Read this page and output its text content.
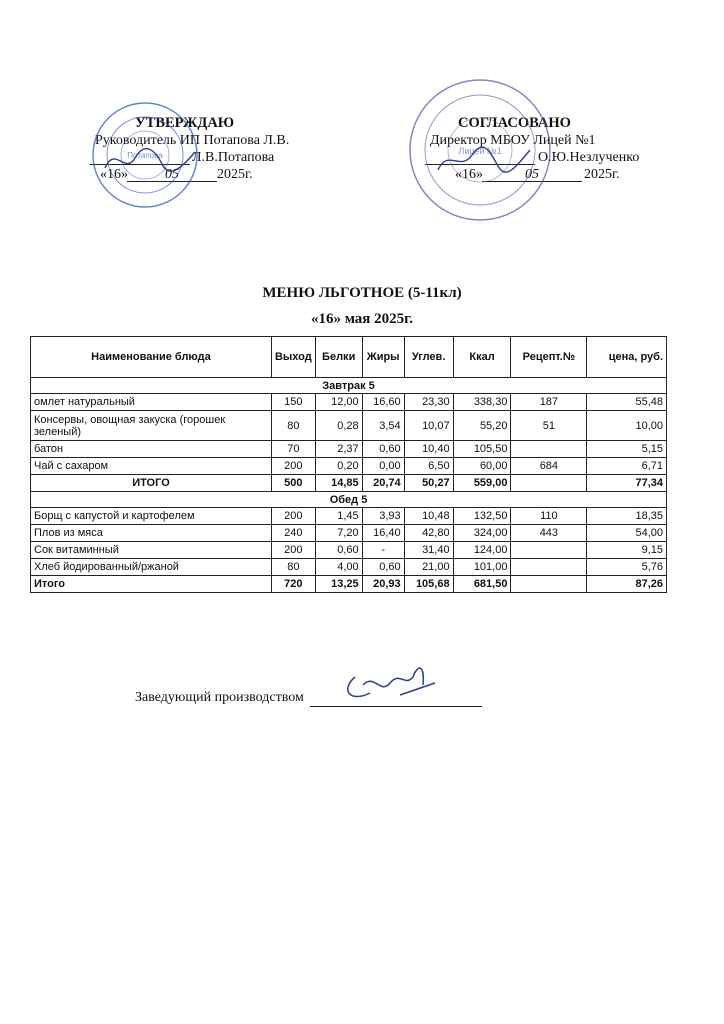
УТВЕРЖДАЮ
Руководитель ИП Потапова Л.В.
Л.В.Потапова
«16»	05	2025г.
Потапова
СОГЛАСОВАНО
Директор МБОУ Лицей №1
О.Ю.Незлученко
«16»	05	2025г.
Лицей №1
МЕНЮ ЛЬГОТНОЕ (5-11кл)
«16» мая 2025г.
Наименование блюда	Выход	Белки	Жиры	Углев.	Ккал	Рецепт.№	цена, руб.
Завтрак 5							
омлет натуральный	150	12,00	16,60	23,30	338,30	187	55,48
Консервы, овощная закуска (горошек зеленый)	80	0,28	3,54	10,07	55,20	51	10,00
батон	70	2,37	0,60	10,40	105,50		5,15
Чай с сахаром	200	0,20	0,00	6,50	60,00	684	6,71
ИТОГО	500	14,85	20,74	50,27	559,00		77,34
Обед 5							
Борщ с капустой и картофелем	200	1,45	3,93	10,48	132,50	110	18,35
Плов из мяса	240	7,20	16,40	42,80	324,00	443	54,00
Сок витаминный	200	0,60	-	31,40	124,00		9,15
Хлеб йодированный/ржаной	80	4,00	0,60	21,00	101,00		5,76
Итого	720	13,25	20,93	105,68	681,50		87,26
Заведующий производством
